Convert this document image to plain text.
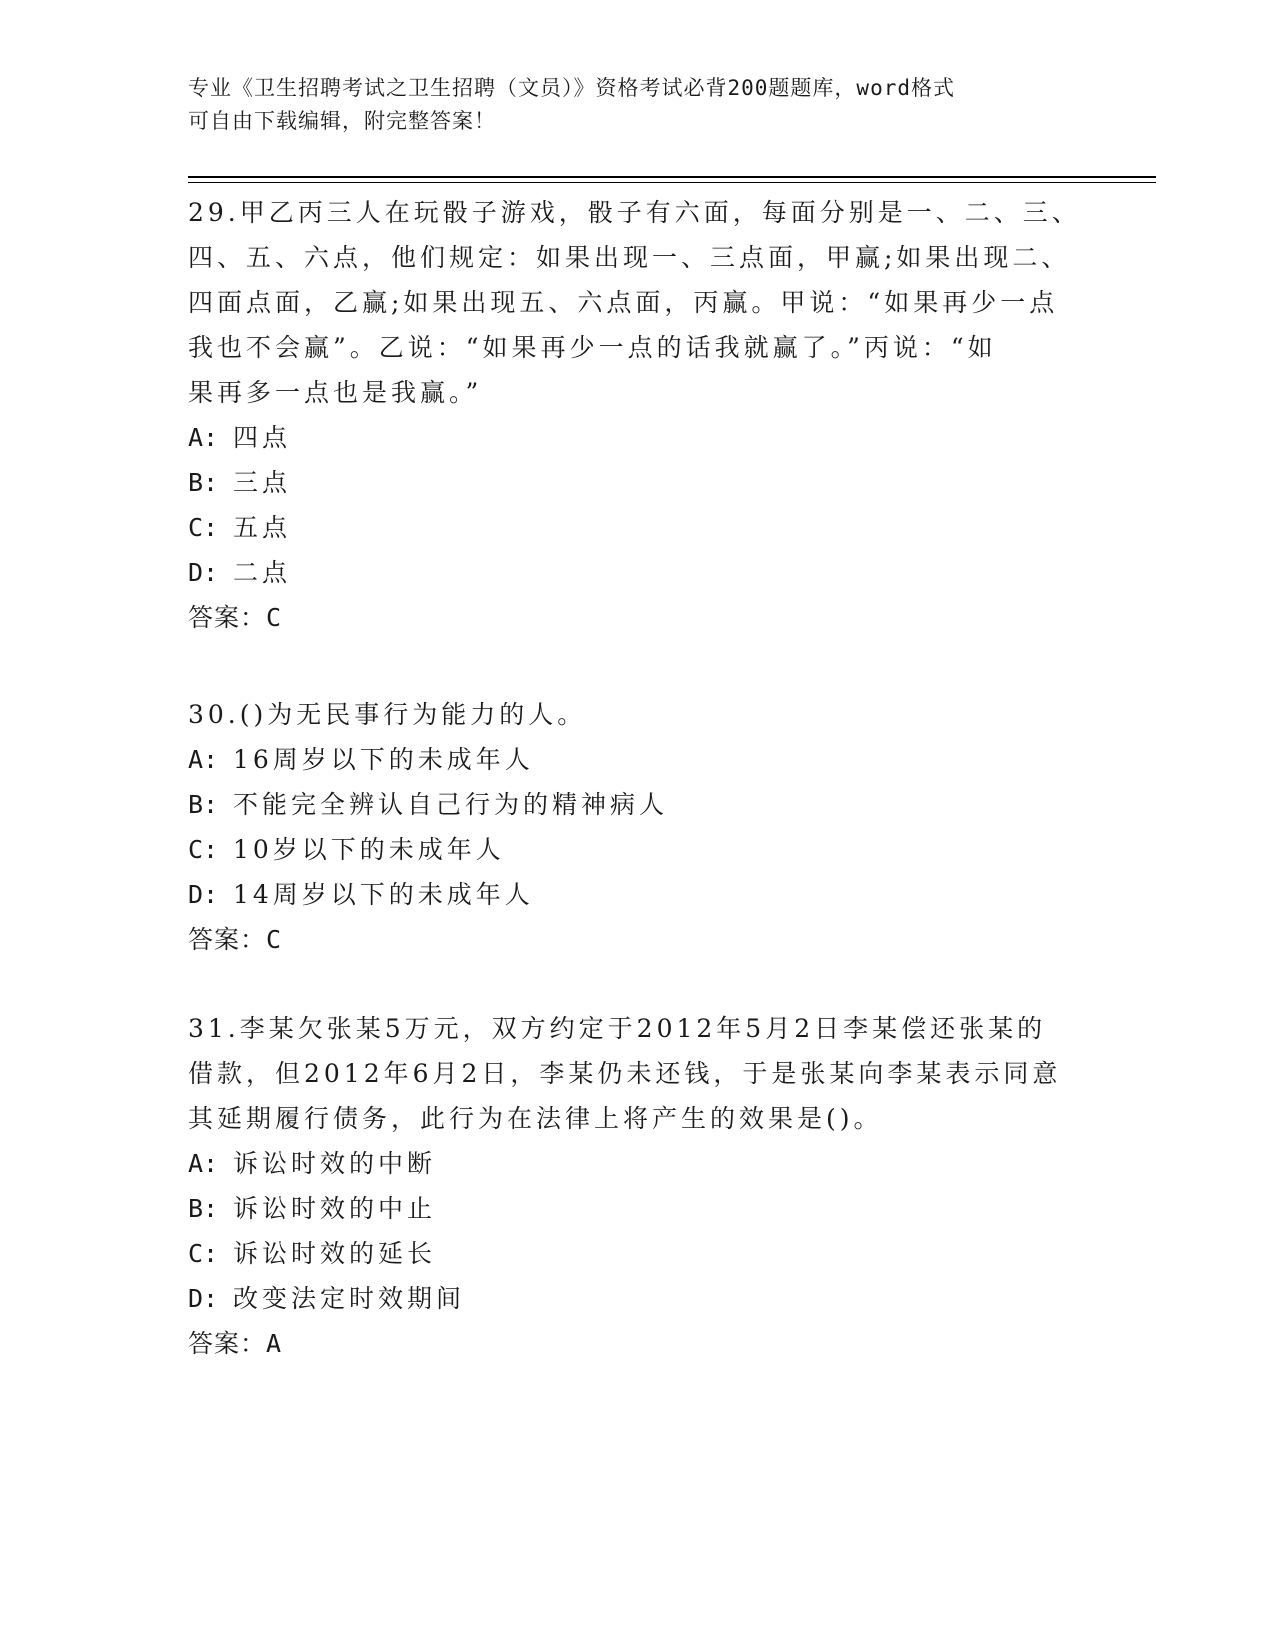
专业《卫生招聘考试之卫生招聘（文员）》资格考试必背200题题库，word格式
可自由下载编辑，附完整答案！

29.甲乙丙三人在玩骰子游戏，骰子有六面，每面分别是一、二、三、

四、五、六点，他们规定：如果出现一、三点面，甲赢;如果出现二、

四面点面，乙赢;如果出现五、六点面，丙赢。甲说：“如果再少一点

我也不会赢”。乙说：“如果再少一点的话我就赢了。”丙说：“如

果再多一点也是我赢。”

A: 四点

B: 三点

C: 五点

D: 二点

答案：C

30.()为无民事行为能力的人。

A: 16周岁以下的未成年人

B: 不能完全辨认自己行为的精神病人

C: 10岁以下的未成年人

D: 14周岁以下的未成年人

答案：C

31.李某欠张某5万元，双方约定于2012年5月2日李某偿还张某的

借款，但2012年6月2日，李某仍未还钱，于是张某向李某表示同意

其延期履行债务，此行为在法律上将产生的效果是()。

A: 诉讼时效的中断

B: 诉讼时效的中止

C: 诉讼时效的延长

D: 改变法定时效期间

答案：A
